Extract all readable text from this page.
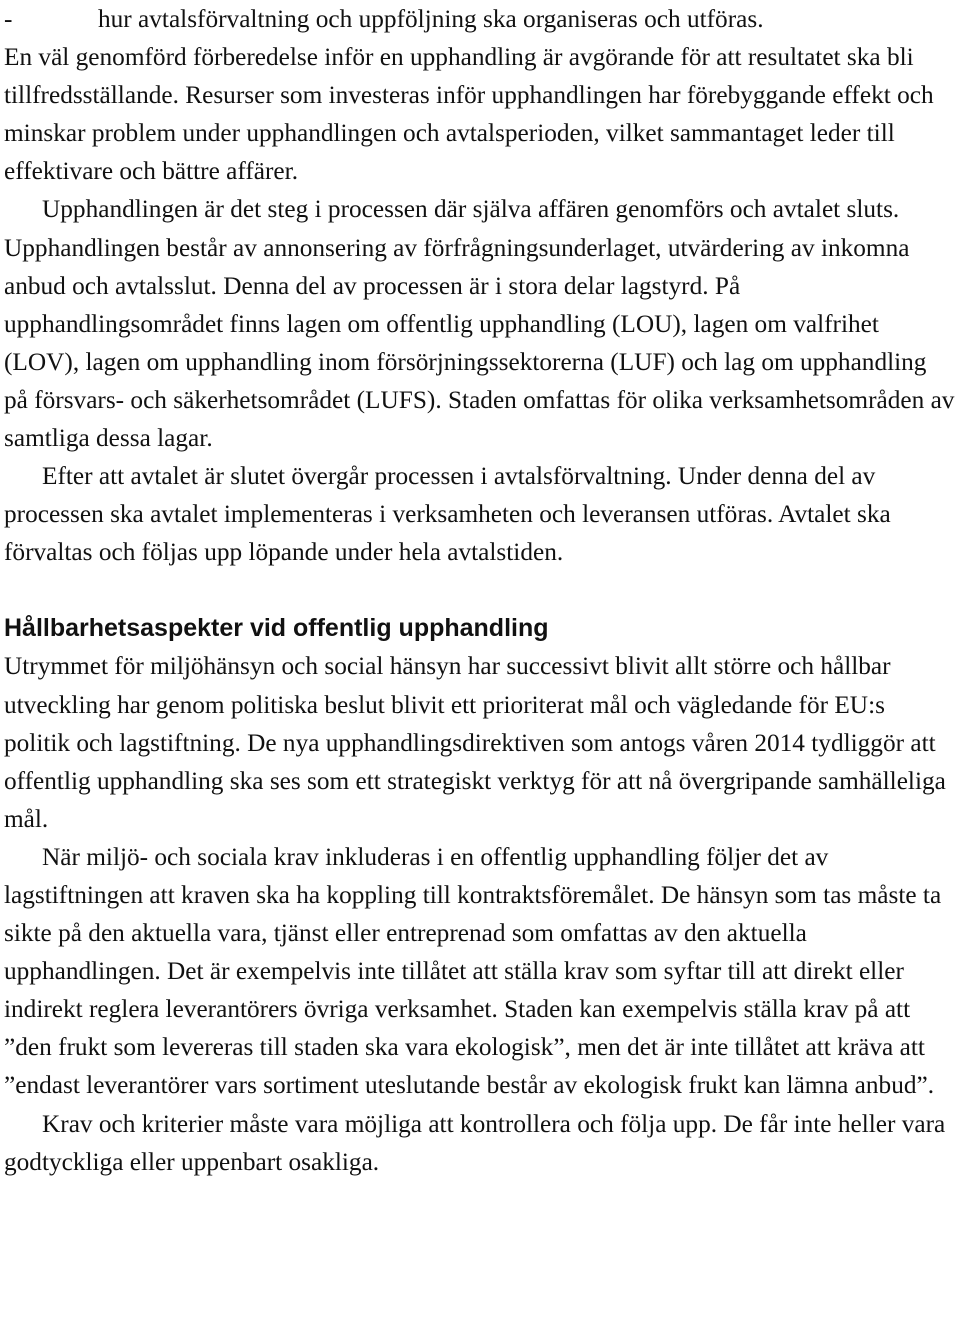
-	hur avtalsförvaltning och uppföljning ska organiseras och utföras.

En väl genomförd förberedelse inför en upphandling är avgörande för att resultatet ska bli tillfredsställande. Resurser som investeras inför upphandlingen har förebyggande effekt och minskar problem under upphandlingen och avtalsperioden, vilket sammantaget leder till effektivare och bättre affärer.

Upphandlingen är det steg i processen där själva affären genomförs och avtalet sluts. Upphandlingen består av annonsering av förfrågningsunderlaget, utvärdering av inkomna anbud och avtalsslut. Denna del av processen är i stora delar lagstyrd. På upphandlingsområdet finns lagen om offentlig upphandling (LOU), lagen om valfrihet (LOV), lagen om upphandling inom försörjningssektorerna (LUF) och lag om upphandling på försvars- och säkerhetsområdet (LUFS). Staden omfattas för olika verksamhetsområden av samtliga dessa lagar.

Efter att avtalet är slutet övergår processen i avtalsförvaltning. Under denna del av processen ska avtalet implementeras i verksamheten och leveransen utföras. Avtalet ska förvaltas och följas upp löpande under hela avtalstiden.

Hållbarhetsaspekter vid offentlig upphandling

Utrymmet för miljöhänsyn och social hänsyn har successivt blivit allt större och hållbar utveckling har genom politiska beslut blivit ett prioriterat mål och vägledande för EU:s politik och lagstiftning. De nya upphandlingsdirektiven som antogs våren 2014 tydliggör att offentlig upphandling ska ses som ett strategiskt verktyg för att nå övergripande samhälleliga mål.

När miljö- och sociala krav inkluderas i en offentlig upphandling följer det av lagstiftningen att kraven ska ha koppling till kontraktsföremålet. De hänsyn som tas måste ta sikte på den aktuella vara, tjänst eller entreprenad som omfattas av den aktuella upphandlingen. Det är exempelvis inte tillåtet att ställa krav som syftar till att direkt eller indirekt reglera leverantörers övriga verksamhet. Staden kan exempelvis ställa krav på att ”den frukt som levereras till staden ska vara ekologisk”, men det är inte tillåtet att kräva att ”endast leverantörer vars sortiment uteslutande består av ekologisk frukt kan lämna anbud”.

Krav och kriterier måste vara möjliga att kontrollera och följa upp. De får inte heller vara godtyckliga eller uppenbart osakliga.
